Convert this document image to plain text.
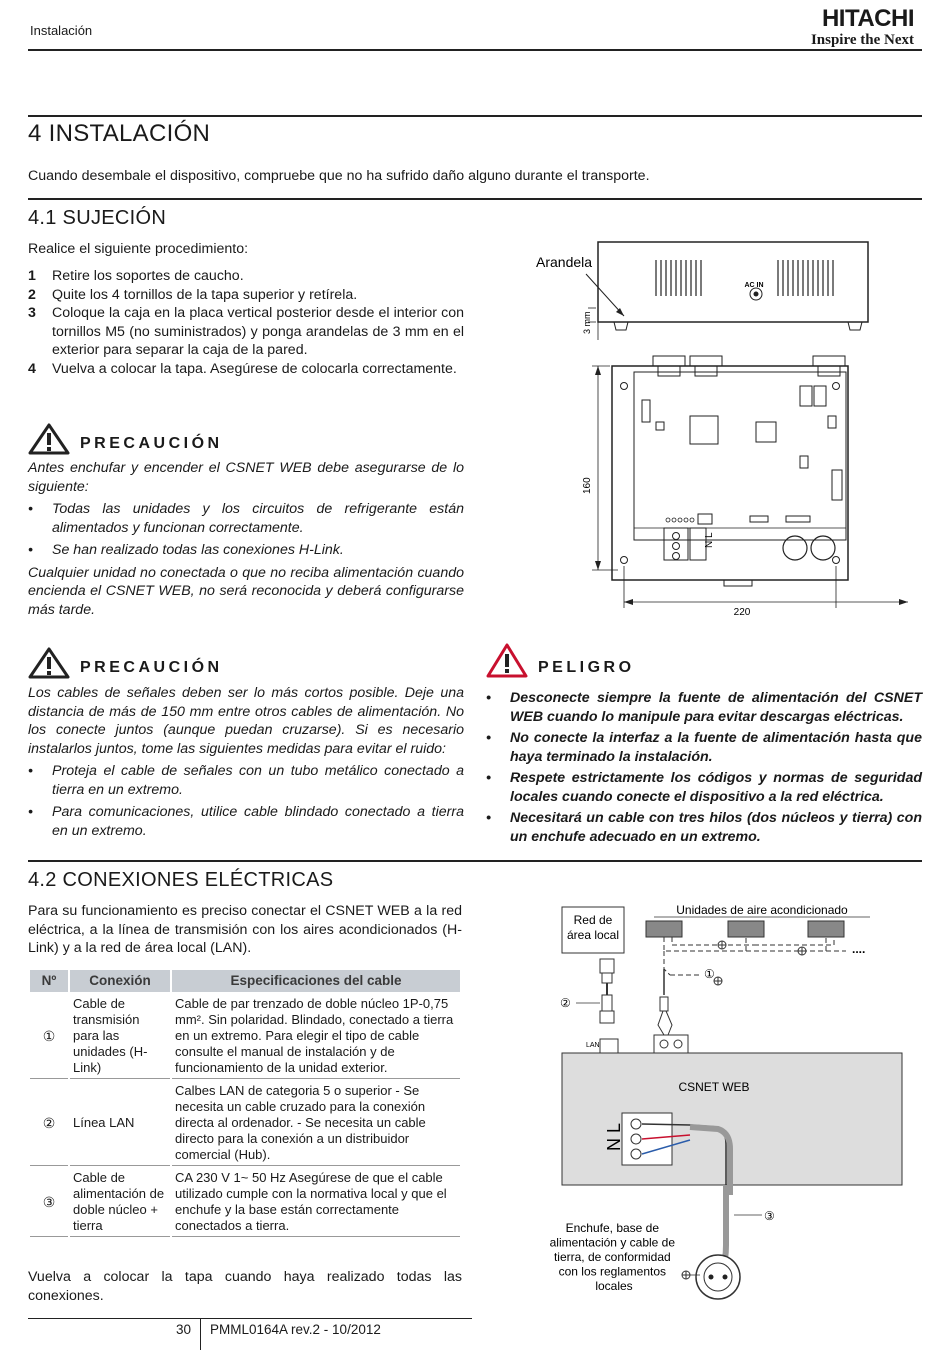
Instalación	HITACHI
Inspire the Next
4 INSTALACIÓN
Cuando desembale el dispositivo, compruebe que no ha sufrido daño alguno durante el transporte.
4.1 SUJECIÓN
Realice el siguiente procedimiento:
1	Retire los soportes de caucho.
2	Quite los 4 tornillos de la tapa superior y retírela.
3	Coloque la caja en la placa vertical posterior desde el interior con tornillos M5 (no suministrados) y ponga arandelas de 3 mm en el exterior para separar la caja de la pared.
4	Vuelva a colocar la tapa. Asegúrese de colocarla correctamente.
AC IN
Arandela
3 mm
N L
160
220
PRECAUCIÓN
Antes enchufar y encender el CSNET WEB debe asegurarse de lo siguiente:
•	Todas las unidades y los circuitos de refrigerante están alimentados y funcionan correctamente.
•	Se han realizado todas las conexiones H-Link.
Cualquier unidad no conectada o que no reciba alimentación cuando encienda el CSNET WEB, no será reconocida y deberá configurarse más tarde.
PRECAUCIÓN
Los cables de señales deben ser lo más cortos posible. Deje una distancia de más de 150 mm entre otros cables de alimentación. No los conecte juntos (aunque puedan cruzarse). Si es necesario instalarlos juntos, tome las siguientes medidas para evitar el ruido:
•	Proteja el cable de señales con un tubo metálico conectado a tierra en un extremo.
•	Para comunicaciones, utilice cable blindado conectado a tierra en un extremo.
PELIGRO
•	Desconecte siempre la fuente de alimentación del CSNET WEB cuando lo manipule para evitar descargas eléctricas.
•	No conecte la interfaz a la fuente de alimentación hasta que haya terminado la instalación.
•	Respete estrictamente los códigos y normas de seguridad locales cuando conecte el dispositivo a la red eléctrica.
•	Necesitará un cable con tres hilos (dos núcleos y tierra) con un enchufe adecuado en un extremo.
4.2 CONEXIONES ELÉCTRICAS
Para su funcionamiento es preciso conectar el CSNET WEB a la red eléctrica, a la línea de transmisión con los aires acondicionados (H-Link) y a la red de área local (LAN).
Nº	Conexión	Especificaciones del cable
①	Cable de transmisión para las unidades (H-Link)	Cable de par trenzado de doble núcleo 1P-0,75 mm². Sin polaridad. Blindado, conectado a tierra en un extremo. Para elegir el tipo de cable consulte el manual de instalación y de funcionamiento de la unidad exterior.
②	Línea LAN	Calbes LAN de categoria 5 o superior - Se necesita un cable cruzado para la conexión directa al ordenador. - Se necesita un cable directo para la conexión a un distribuidor comercial (Hub).
③	Cable de alimentación de doble núcleo + tierra	CA 230 V 1~ 50 Hz Asegúrese de que el cable utilizado cumple con la normativa local y que el enchufe y la base están correctamente conectados a tierra.
Vuelva a colocar la tapa cuando haya realizado todas las conexiones.
Red de área local
Unidades de aire acondicionado
....
①
②
LAN
CSNET WEB
N L
③
Enchufe, base de alimentación y cable de tierra, de conformidad con los reglamentos locales
30 PMML0164A rev.2 - 10/2012
